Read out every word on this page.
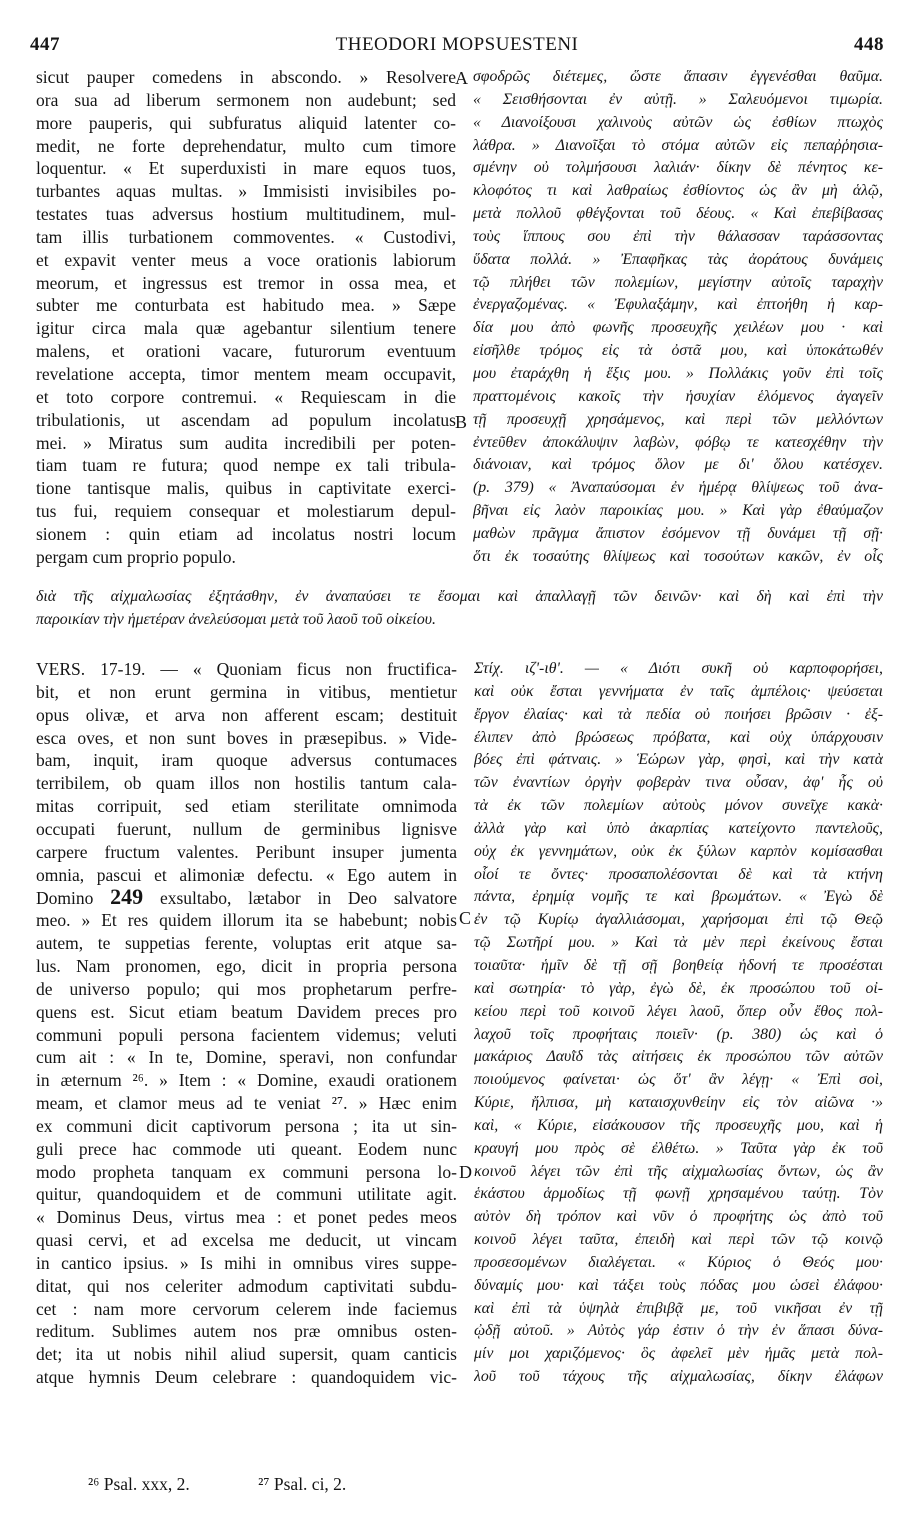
447	THEODORI MOPSUESTENI	448
sicut pauper comedens in abscondo. » Resolvere
ora sua ad liberum sermonem non audebunt; sed
more pauperis, qui subfuratus aliquid latenter co-
medit, ne forte deprehendatur, multo cum timore
loquentur. « Et superduxisti in mare equos tuos,
turbantes aquas multas. » Immisisti invisibiles po-
testates tuas adversus hostium multitudinem, mul-
tam illis turbationem commoventes. « Custodivi,
et expavit venter meus a voce orationis labiorum
meorum, et ingressus est tremor in ossa mea, et
subter me conturbata est habitudo mea. » Sæpe
igitur circa mala quæ agebantur silentium tenere
malens, et orationi vacare, futurorum eventuum
revelatione accepta, timor mentem meam occupavit,
et toto corpore contremui. « Requiescam in die
tribulationis, ut ascendam ad populum incolatus
mei. » Miratus sum audita incredibili per poten-
tiam tuam re futura; quod nempe ex tali tribula-
tione tantisque malis, quibus in captivitate exerci-
tus fui, requiem consequar et molestiarum depul-
sionem : quin etiam ad incolatus nostri locum
pergam cum proprio populo.
σφοδρῶς διέτεμες, ὥστε ἅπασιν ἐγγενέσθαι θαῦμα.
« Σεισθήσονται ἐν αὐτῇ. » Σαλευόμενοι τιμωρία.
« Διανοίξουσι χαλινοὺς αὐτῶν ὡς ἐσθίων πτωχὸς
λάθρα. » Διανοῖξαι τὸ στόμα αὐτῶν εἰς πεπαῤῥησια-
σμένην οὐ τολμήσουσι λαλιάν· δίκην δὲ πένητος κε-
κλοφότος τι καὶ λαθραίως ἐσθίοντος ὡς ἂν μὴ ἁλῷ,
μετὰ πολλοῦ φθέγξονται τοῦ δέους. « Καὶ ἐπεβίβασας
τοὺς ἵππους σου ἐπὶ τὴν θάλασσαν ταράσσοντας
ὕδατα πολλά. » Ἐπαφῆκας τὰς ἀοράτους δυνάμεις
τῷ πλήθει τῶν πολεμίων, μεγίστην αὐτοῖς ταραχὴν
ἐνεργαζομένας. « Ἐφυλαξάμην, καὶ ἐπτοήθη ἡ καρ-
δία μου ἀπὸ φωνῆς προσευχῆς χειλέων μου · καὶ
εἰσῆλθε τρόμος εἰς τὰ ὀστᾶ μου, καὶ ὑποκάτωθέν
μου ἐταράχθη ἡ ἕξις μου. » Πολλάκις γοῦν ἐπὶ τοῖς
πραττομένοις κακοῖς τὴν ἡσυχίαν ἑλόμενος ἀγαγεῖν
τῇ προσευχῇ χρησάμενος, καὶ περὶ τῶν μελλόντων
ἐντεῦθεν ἀποκάλυψιν λαβὼν, φόβῳ τε κατεσχέθην τὴν
διάνοιαν, καὶ τρόμος ὅλον με δι' ὅλου κατέσχεν.
(p. 379) « Ἀναπαύσομαι ἐν ἡμέρᾳ θλίψεως τοῦ ἀνα-
βῆναι εἰς λαὸν παροικίας μου. » Καὶ γὰρ ἐθαύμαζον
μαθὼν πρᾶγμα ἄπιστον ἐσόμενον τῇ δυνάμει τῇ σῇ·
ὅτι ἐκ τοσαύτης θλίψεως καὶ τοσούτων κακῶν, ἐν οἷς
διὰ τῆς αἰχμαλωσίας ἐξητάσθην, ἐν ἀναπαύσει τε ἔσομαι καὶ ἀπαλλαγῇ τῶν δεινῶν· καὶ δὴ καὶ ἐπὶ τὴν
παροικίαν τὴν ἡμετέραν ἀνελεύσομαι μετὰ τοῦ λαοῦ τοῦ οἰκείου.
VERS. 17-19. — « Quoniam ficus non fructifica-
bit, et non erunt germina in vitibus, mentietur
opus olivæ, et arva non afferent escam; destituit
esca oves, et non sunt boves in præsepibus. » Vide-
bam, inquit, iram quoque adversus contumaces
terribilem, ob quam illos non hostilis tantum cala-
mitas corripuit, sed etiam sterilitate omnimoda
occupati fuerunt, nullum de germinibus lignisve
carpere fructum valentes. Peribunt insuper jumenta
omnia, pascui et alimoniæ defectu. « Ego autem in
Domino 249 exsultabo, lætabor in Deo salvatore
meo. » Et res quidem illorum ita se habebunt; nobis
autem, te suppetias ferente, voluptas erit atque sa-
lus. Nam pronomen, ego, dicit in propria persona
de universo populo; qui mos prophetarum perfre-
quens est. Sicut etiam beatum Davidem preces pro
communi populi persona facientem videmus; veluti
cum ait : « In te, Domine, speravi, non confundar
in æternum ²⁶. » Item : « Domine, exaudi orationem
meam, et clamor meus ad te veniat ²⁷. » Hæc enim
ex communi dicit captivorum persona ; ita ut sin-
guli prece hac commode uti queant. Eodem nunc
modo propheta tanquam ex communi persona lo-
quitur, quandoquidem et de communi utilitate agit.
« Dominus Deus, virtus mea : et ponet pedes meos
quasi cervi, et ad excelsa me deducit, ut vincam
in cantico ipsius. » Is mihi in omnibus vires suppe-
ditat, qui nos celeriter admodum captivitati subdu-
cet : nam more cervorum celerem inde faciemus
reditum. Sublimes autem nos præ omnibus osten-
det; ita ut nobis nihil aliud supersit, quam canticis
atque hymnis Deum celebrare : quandoquidem vic-
Στίχ. ιζ'-ιθ'. — « Διότι συκῆ οὐ καρποφορήσει,
καὶ οὐκ ἔσται γεννήματα ἐν ταῖς ἀμπέλοις· ψεύσεται
ἔργον ἐλαίας· καὶ τὰ πεδία οὐ ποιήσει βρῶσιν · ἐξ-
έλιπεν ἀπὸ βρώσεως πρόβατα, καὶ οὐχ ὑπάρχουσιν
βόες ἐπὶ φάτναις. » Ἑώρων γὰρ, φησὶ, καὶ τὴν κατὰ
τῶν ἐναντίων ὀργὴν φοβερὰν τινα οὖσαν, ἀφ' ἧς οὐ
τὰ ἐκ τῶν πολεμίων αὐτοὺς μόνον συνεῖχε κακὰ·
ἀλλὰ γὰρ καὶ ὑπὸ ἀκαρπίας κατείχοντο παντελοῦς,
οὐχ ἐκ γεννημάτων, οὐκ ἐκ ξύλων καρπὸν κομίσασθαι
οἷοί τε ὄντες· προσαπολέσονται δὲ καὶ τὰ κτήνη
πάντα, ἐρημίᾳ νομῆς τε καὶ βρωμάτων. « Ἐγὼ δὲ
ἐν τῷ Κυρίῳ ἀγαλλιάσομαι, χαρήσομαι ἐπὶ τῷ Θεῷ
τῷ Σωτῆρί μου. » Καὶ τὰ μὲν περὶ ἐκείνους ἔσται
τοιαῦτα· ἡμῖν δὲ τῇ σῇ βοηθείᾳ ἡδονή τε προσέσται
καὶ σωτηρία· τὸ γὰρ, ἐγὼ δὲ, ἐκ προσώπου τοῦ οἰ-
κείου περὶ τοῦ κοινοῦ λέγει λαοῦ, ὅπερ οὖν ἔθος πολ-
λαχοῦ τοῖς προφήταις ποιεῖν· (p. 380) ὡς καὶ ὁ
μακάριος Δαυῒδ τὰς αἰτήσεις ἐκ προσώπου τῶν αὐτῶν
ποιούμενος φαίνεται· ὡς ὅτ' ἂν λέγῃ· « Ἐπὶ σοὶ,
Κύριε, ἤλπισα, μὴ καταισχυνθείην εἰς τὸν αἰῶνα ·»
καὶ, « Κύριε, εἰσάκουσον τῆς προσευχῆς μου, καὶ ἡ
κραυγή μου πρὸς σὲ ἐλθέτω. » Ταῦτα γὰρ ἐκ τοῦ
κοινοῦ λέγει τῶν ἐπὶ τῆς αἰχμαλωσίας ὄντων, ὡς ἂν
ἑκάστου ἁρμοδίως τῇ φωνῇ χρησαμένου ταύτῃ. Τὸν
αὐτὸν δὴ τρόπον καὶ νῦν ὁ προφήτης ὡς ἀπὸ τοῦ
κοινοῦ λέγει ταῦτα, ἐπειδὴ καὶ περὶ τῶν τῷ κοινῷ
προσεσομένων διαλέγεται. « Κύριος ὁ Θεός μου·
δύναμίς μου· καὶ τάξει τοὺς πόδας μου ὡσεὶ ἐλάφου·
καὶ ἐπὶ τὰ ὑψηλὰ ἐπιβιβᾷ με, τοῦ νικῆσαι ἐν τῇ
ᾠδῇ αὐτοῦ. » Αὐτὸς γάρ ἐστιν ὁ τὴν ἐν ἅπασι δύνα-
μίν μοι χαριζόμενος· ὃς ἀφελεῖ μὲν ἡμᾶς μετὰ πολ-
λοῦ τοῦ τάχους τῆς αἰχμαλωσίας, δίκην ἐλάφων
A
B
C
D
²⁶ Psal. xxx, 2.	²⁷ Psal. ci, 2.
